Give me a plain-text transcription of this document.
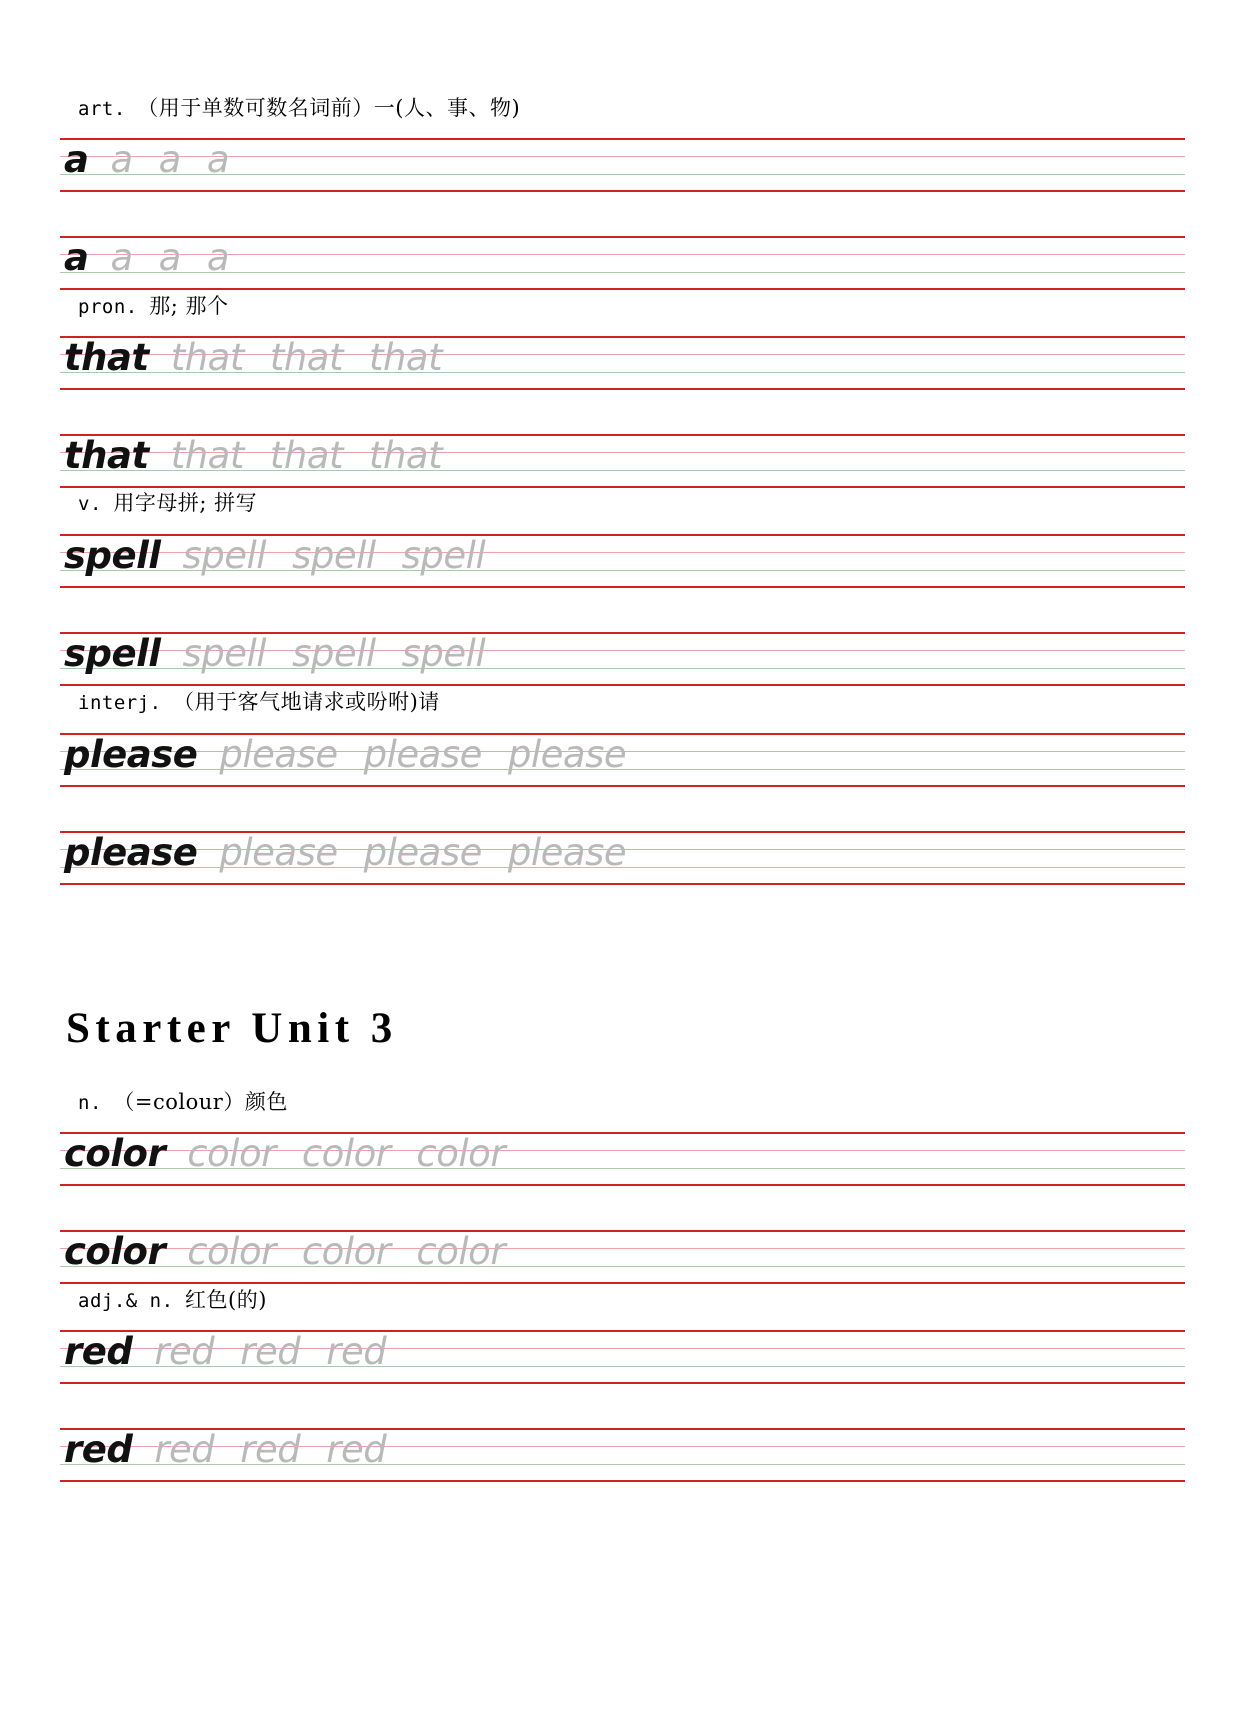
art. （用于单数可数名词前）一(人、事、物)
a a a a
a a a a
pron. 那; 那个
that that that that
that that that that
v. 用字母拼; 拼写
spell spell spell spell
spell spell spell spell
interj. （用于客气地请求或吩咐)请
please please please please
please please please please
Starter Unit 3
n. （=colour）颜色
color color color color
color color color color
adj.& n. 红色(的)
red red red red
red red red red
